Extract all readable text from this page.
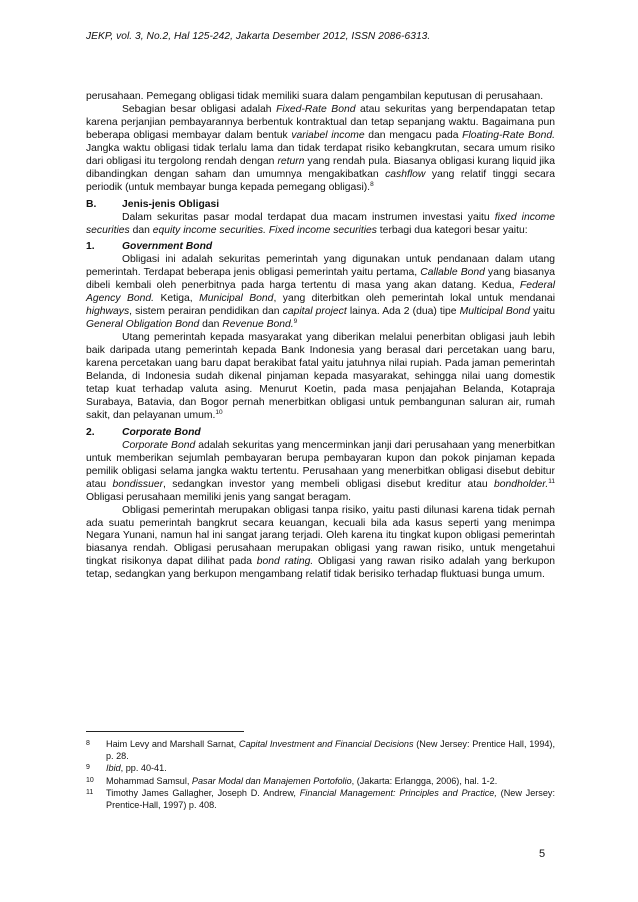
JEKP, vol. 3, No.2, Hal 125-242, Jakarta Desember 2012, ISSN 2086-6313.

perusahaan. Pemegang obligasi tidak memiliki suara dalam pengambilan keputusan di perusahaan.

Sebagian besar obligasi adalah Fixed-Rate Bond atau sekuritas yang berpendapatan tetap karena perjanjian pembayarannya berbentuk kontraktual dan tetap sepanjang waktu. Bagaimana pun beberapa obligasi membayar dalam bentuk variabel income dan mengacu pada Floating-Rate Bond. Jangka waktu obligasi tidak terlalu lama dan tidak terdapat risiko kebangkrutan, secara umum risiko dari obligasi itu tergolong rendah dengan return yang rendah pula. Biasanya obligasi kurang liquid jika dibandingkan dengan saham dan umumnya mengakibatkan cashflow yang relatif tinggi secara periodik (untuk membayar bunga kepada pemegang obligasi).$^8$

B.	Jenis-jenis Obligasi

Dalam sekuritas pasar modal terdapat dua macam instrumen investasi yaitu fixed income securities dan equity income securities. Fixed income securities terbagi dua kategori besar yaitu:

1.	Government Bond

Obligasi ini adalah sekuritas pemerintah yang digunakan untuk pendanaan dalam utang pemerintah. Terdapat beberapa jenis obligasi pemerintah yaitu pertama, Callable Bond yang biasanya dibeli kembali oleh penerbitnya pada harga tertentu di masa yang akan datang. Kedua, Federal Agency Bond. Ketiga, Municipal Bond, yang diterbitkan oleh pemerintah lokal untuk mendanai highways, sistem perairan pendidikan dan capital project lainya. Ada 2 (dua) tipe Multicipal Bond yaitu General Obligation Bond dan Revenue Bond.$^9$

Utang pemerintah kepada masyarakat yang diberikan melalui penerbitan obligasi jauh lebih baik daripada utang pemerintah kepada Bank Indonesia yang berasal dari percetakan uang baru, karena percetakan uang baru dapat berakibat fatal yaitu jatuhnya nilai rupiah. Pada jaman pemerintah Belanda, di Indonesia sudah dikenal pinjaman kepada masyarakat, sehingga nilai uang domestik tetap kuat terhadap valuta asing. Menurut Koetin, pada masa penjajahan Belanda, Kotapraja Surabaya, Batavia, dan Bogor pernah menerbitkan obligasi untuk pembangunan saluran air, rumah sakit, dan pelayanan umum.$^{10}$

2.	Corporate Bond

Corporate Bond adalah sekuritas yang mencerminkan janji dari perusahaan yang menerbitkan untuk memberikan sejumlah pembayaran berupa pembayaran kupon dan pokok pinjaman kepada pemilik obligasi selama jangka waktu tertentu. Perusahaan yang menerbitkan obligasi disebut debitur atau bondissuer, sedangkan investor yang membeli obligasi disebut kreditur atau bondholder.$^{11}$ Obligasi perusahaan memiliki jenis yang sangat beragam.

Obligasi pemerintah merupakan obligasi tanpa risiko, yaitu pasti dilunasi karena tidak pernah ada suatu pemerintah bangkrut secara keuangan, kecuali bila ada kasus seperti yang menimpa Negara Yunani, namun hal ini sangat jarang terjadi. Oleh karena itu tingkat kupon obligasi pemerintah biasanya rendah. Obligasi perusahaan merupakan obligasi yang rawan risiko, untuk mengetahui tingkat risikonya dapat dilihat pada bond rating. Obligasi yang rawan risiko adalah yang berkupon tetap, sedangkan yang berkupon mengambang relatif tidak berisiko terhadap fluktuasi bunga umum.

8	Haim Levy and Marshall Sarnat, Capital Investment and Financial Decisions (New Jersey: Prentice Hall, 1994), p. 28.
9	Ibid, pp. 40-41.
10	Mohammad Samsul, Pasar Modal dan Manajemen Portofolio, (Jakarta: Erlangga, 2006), hal. 1-2.
11	Timothy James Gallagher, Joseph D. Andrew, Financial Management: Principles and Practice, (New Jersey: Prentice-Hall, 1997) p. 408.
5
